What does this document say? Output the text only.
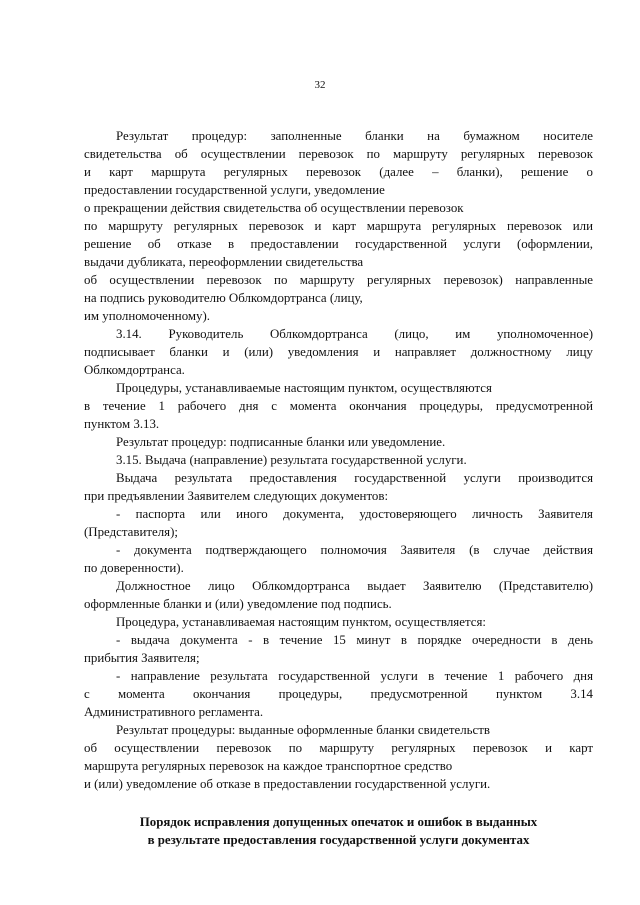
32
Результат процедур: заполненные бланки на бумажном носителе
свидетельства об осуществлении перевозок по маршруту регулярных перевозок
и карт маршрута регулярных перевозок (далее – бланки), решение о
предоставлении государственной услуги, уведомление
о прекращении действия свидетельства об осуществлении перевозок
по маршруту регулярных перевозок и карт маршрута регулярных перевозок или
решение об отказе в предоставлении государственной услуги (оформлении,
выдачи дубликата, переоформлении свидетельства
об осуществлении перевозок по маршруту регулярных перевозок) направленные
на подпись руководителю Облкомдортранса (лицу,
им уполномоченному).
3.14. Руководитель Облкомдортранса (лицо, им уполномоченное)
подписывает бланки и (или) уведомления и направляет должностному лицу
Облкомдортранса.
Процедуры, устанавливаемые настоящим пунктом, осуществляются
в течение 1 рабочего дня с момента окончания процедуры, предусмотренной
пунктом 3.13.
Результат процедур: подписанные бланки или уведомление.
3.15. Выдача (направление) результата государственной услуги.
Выдача результата предоставления государственной услуги производится
при предъявлении Заявителем следующих документов:
- паспорта или иного документа, удостоверяющего личность Заявителя
(Представителя);
- документа подтверждающего полномочия Заявителя (в случае действия
по доверенности).
Должностное лицо Облкомдортранса выдает Заявителю (Представителю)
оформленные бланки и (или) уведомление под подпись.
Процедура, устанавливаемая настоящим пунктом, осуществляется:
- выдача документа - в течение 15 минут в порядке очередности в день
прибытия Заявителя;
- направление результата государственной услуги в течение 1 рабочего дня
с момента окончания процедуры, предусмотренной пунктом 3.14
Административного регламента.
Результат процедуры: выданные оформленные бланки свидетельств
об осуществлении перевозок по маршруту регулярных перевозок и карт
маршрута регулярных перевозок на каждое транспортное средство
и (или) уведомление об отказе в предоставлении государственной услуги.
Порядок исправления допущенных опечаток и ошибок в выданных
в результате предоставления государственной услуги документах
